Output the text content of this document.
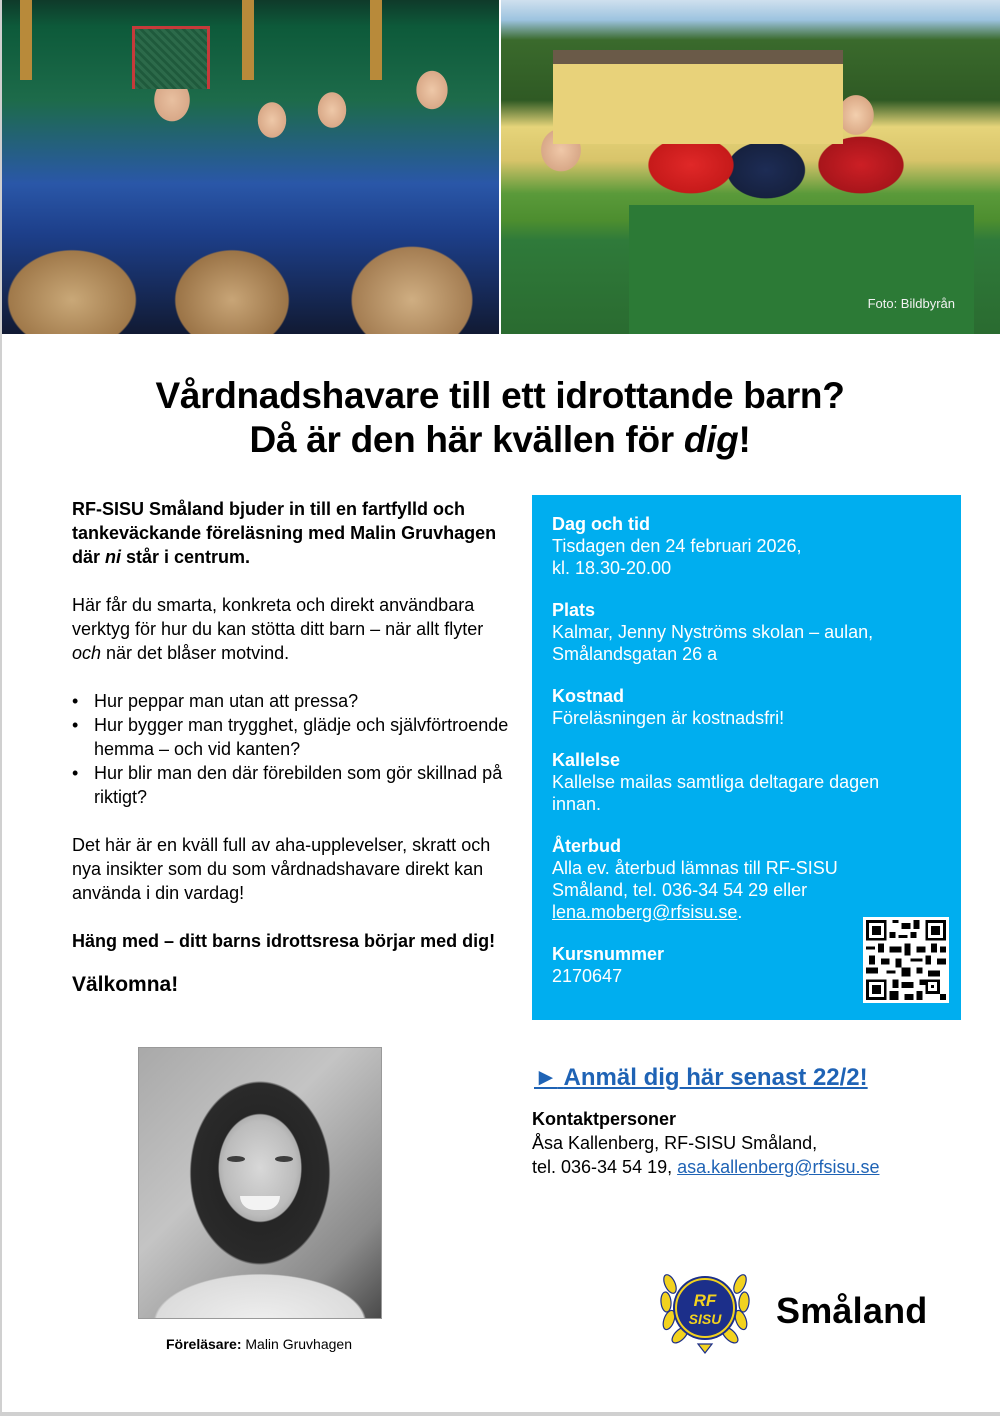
Foto: Bildbyrån
Vårdnadshavare till ett idrottande barn?
Då är den här kvällen för dig!

RF-SISU Småland bjuder in till en fartfylld och tankeväckande föreläsning med Malin Gruvhagen där ni står i centrum.

Här får du smarta, konkreta och direkt användbara verktyg för hur du kan stötta ditt barn – när allt flyter och när det blåser motvind.

• Hur peppar man utan att pressa?
• Hur bygger man trygghet, glädje och självförtroende hemma – och vid kanten?
• Hur blir man den där förebilden som gör skillnad på riktigt?

Det här är en kväll full av aha-upplevelser, skratt och nya insikter som du som vårdnadshavare direkt kan använda i din vardag!

Häng med – ditt barns idrottsresa börjar med dig!

Välkomna!

Föreläsare: Malin Gruvhagen
Dag och tid
Tisdagen den 24 februari 2026,
kl. 18.30-20.00
Plats
Kalmar, Jenny Nyströms skolan – aulan,
Smålandsgatan 26 a
Kostnad
Föreläsningen är kostnadsfri!
Kallelse
Kallelse mailas samtliga deltagare dagen innan.
Återbud
Alla ev. återbud lämnas till RF-SISU
Småland, tel. 036-34 54 29 eller
lena.moberg@rfsisu.se.
Kursnummer
2170647
► Anmäl dig här senast 22/2!
Kontaktpersoner
Åsa Kallenberg, RF-SISU Småland,
tel. 036-34 54 19, asa.kallenberg@rfsisu.se
RF
SISU Småland
